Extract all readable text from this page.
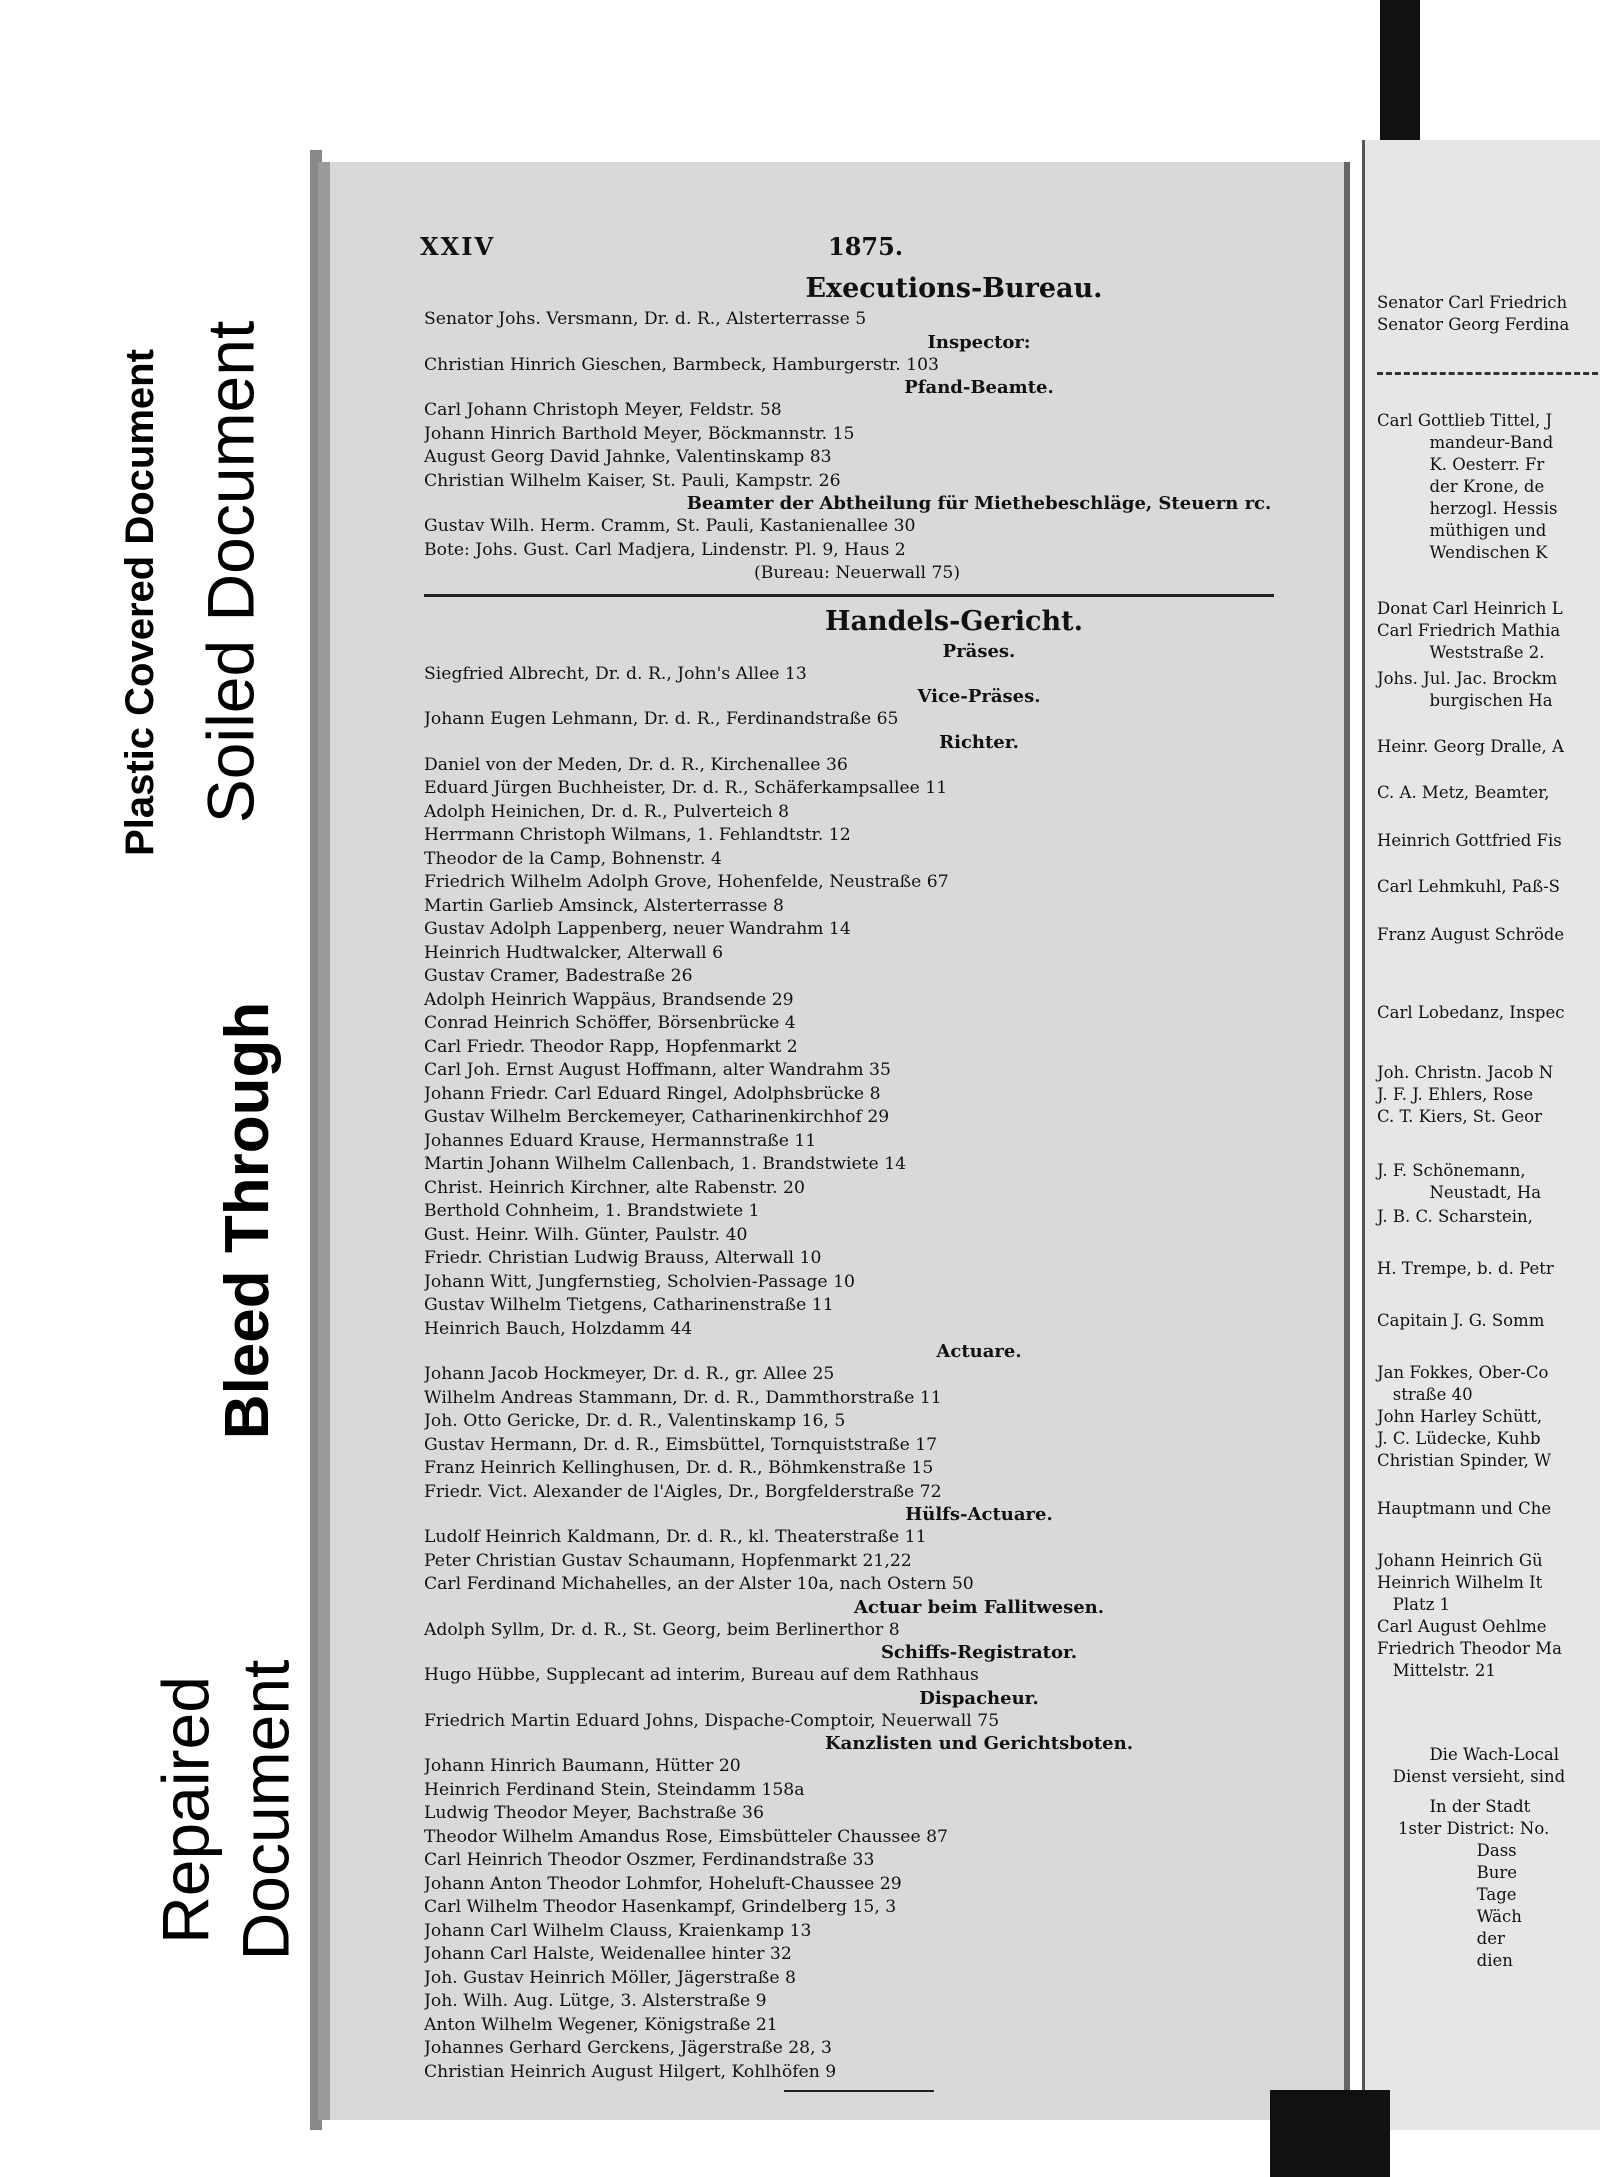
Plastic Covered Document Soiled Document
Bleed Through
Repaired Document
XXIV	1875.
Executions-Bureau.
Senator Johs. Versmann, Dr. d. R., Alsterterrasse 5
Inspector:
Christian Hinrich Gieschen, Barmbeck, Hamburgerstr. 103
Pfand-Beamte.
Carl Johann Christoph Meyer, Feldstr. 58
Johann Hinrich Barthold Meyer, Böckmannstr. 15
August Georg David Jahnke, Valentinskamp 83
Christian Wilhelm Kaiser, St. Pauli, Kampstr. 26
Beamter der Abtheilung für Miethebeschläge, Steuern rc.
Gustav Wilh. Herm. Cramm, St. Pauli, Kastanienallee 30
Bote: Johs. Gust. Carl Madjera, Lindenstr. Pl. 9, Haus 2
(Bureau: Neuerwall 75)
Handels-Gericht.
Präses.
Siegfried Albrecht, Dr. d. R., John's Allee 13
Vice-Präses.
Johann Eugen Lehmann, Dr. d. R., Ferdinandstraße 65
Richter.
Daniel von der Meden, Dr. d. R., Kirchenallee 36
Eduard Jürgen Buchheister, Dr. d. R., Schäferkampsallee 11
Adolph Heinichen, Dr. d. R., Pulverteich 8
Herrmann Christoph Wilmans, 1. Fehlandtstr. 12
Theodor de la Camp, Bohnenstr. 4
Friedrich Wilhelm Adolph Grove, Hohenfelde, Neustraße 67
Martin Garlieb Amsinck, Alsterterrasse 8
Gustav Adolph Lappenberg, neuer Wandrahm 14
Heinrich Hudtwalcker, Alterwall 6
Gustav Cramer, Badestraße 26
Adolph Heinrich Wappäus, Brandsende 29
Conrad Heinrich Schöffer, Börsenbrücke 4
Carl Friedr. Theodor Rapp, Hopfenmarkt 2
Carl Joh. Ernst August Hoffmann, alter Wandrahm 35
Johann Friedr. Carl Eduard Ringel, Adolphsbrücke 8
Gustav Wilhelm Berckemeyer, Catharinenkirchhof 29
Johannes Eduard Krause, Hermannstraße 11
Martin Johann Wilhelm Callenbach, 1. Brandstwiete 14
Christ. Heinrich Kirchner, alte Rabenstr. 20
Berthold Cohnheim, 1. Brandstwiete 1
Gust. Heinr. Wilh. Günter, Paulstr. 40
Friedr. Christian Ludwig Brauss, Alterwall 10
Johann Witt, Jungfernstieg, Scholvien-Passage 10
Gustav Wilhelm Tietgens, Catharinenstraße 11
Heinrich Bauch, Holzdamm 44
Actuare.
Johann Jacob Hockmeyer, Dr. d. R., gr. Allee 25
Wilhelm Andreas Stammann, Dr. d. R., Dammthorstraße 11
Joh. Otto Gericke, Dr. d. R., Valentinskamp 16, 5
Gustav Hermann, Dr. d. R., Eimsbüttel, Tornquiststraße 17
Franz Heinrich Kellinghusen, Dr. d. R., Böhmkenstraße 15
Friedr. Vict. Alexander de l'Aigles, Dr., Borgfelderstraße 72
Hülfs-Actuare.
Ludolf Heinrich Kaldmann, Dr. d. R., kl. Theaterstraße 11
Peter Christian Gustav Schaumann, Hopfenmarkt 21,22
Carl Ferdinand Michahelles, an der Alster 10a, nach Ostern 50
Actuar beim Fallitwesen.
Adolph Syllm, Dr. d. R., St. Georg, beim Berlinerthor 8
Schiffs-Registrator.
Hugo Hübbe, Supplecant ad interim, Bureau auf dem Rathhaus
Dispacheur.
Friedrich Martin Eduard Johns, Dispache-Comptoir, Neuerwall 75
Kanzlisten und Gerichtsboten.
Johann Hinrich Baumann, Hütter 20
Heinrich Ferdinand Stein, Steindamm 158a
Ludwig Theodor Meyer, Bachstraße 36
Theodor Wilhelm Amandus Rose, Eimsbütteler Chaussee 87
Carl Heinrich Theodor Oszmer, Ferdinandstraße 33
Johann Anton Theodor Lohmfor, Hoheluft-Chaussee 29
Carl Wilhelm Theodor Hasenkampf, Grindelberg 15, 3
Johann Carl Wilhelm Clauss, Kraienkamp 13
Johann Carl Halste, Weidenallee hinter 32
Joh. Gustav Heinrich Möller, Jägerstraße 8
Joh. Wilh. Aug. Lütge, 3. Alsterstraße 9
Anton Wilhelm Wegener, Königstraße 21
Johannes Gerhard Gerckens, Jägerstraße 28, 3
Christian Heinrich August Hilgert, Kohlhöfen 9
Senator Carl Friedrich
Senator Georg Ferdina
Carl Gottlieb Tittel, J
mandeur-Band
K. Oesterr. Fr
der Krone, de
herzogl. Hessis
müthigen und
Wendischen K
Donat Carl Heinrich L
Carl Friedrich Mathia
Weststraße 2.
Johs. Jul. Jac. Brockm
burgischen Ha
Heinr. Georg Dralle, A
C. A. Metz, Beamter,
Heinrich Gottfried Fis
Carl Lehmkuhl, Paß-S
Franz August Schröde
Carl Lobedanz, Inspec
Joh. Christn. Jacob N
J. F. J. Ehlers, Rose
C. T. Kiers, St. Geor
J. F. Schönemann,
Neustadt, Ha
J. B. C. Scharstein,
H. Trempe, b. d. Petr
Capitain J. G. Somm
Jan Fokkes, Ober-Co
straße 40
John Harley Schütt,
J. C. Lüdecke, Kuhb
Christian Spinder, W
Hauptmann und Che
Johann Heinrich Gü
Heinrich Wilhelm It
Platz 1
Carl August Oehlme
Friedrich Theodor Ma
Mittelstr. 21
Die Wach-Local
Dienst versieht, sind
In der Stadt
1ster District: No.
Dass
Bure
Tage
Wäch
der
dien
